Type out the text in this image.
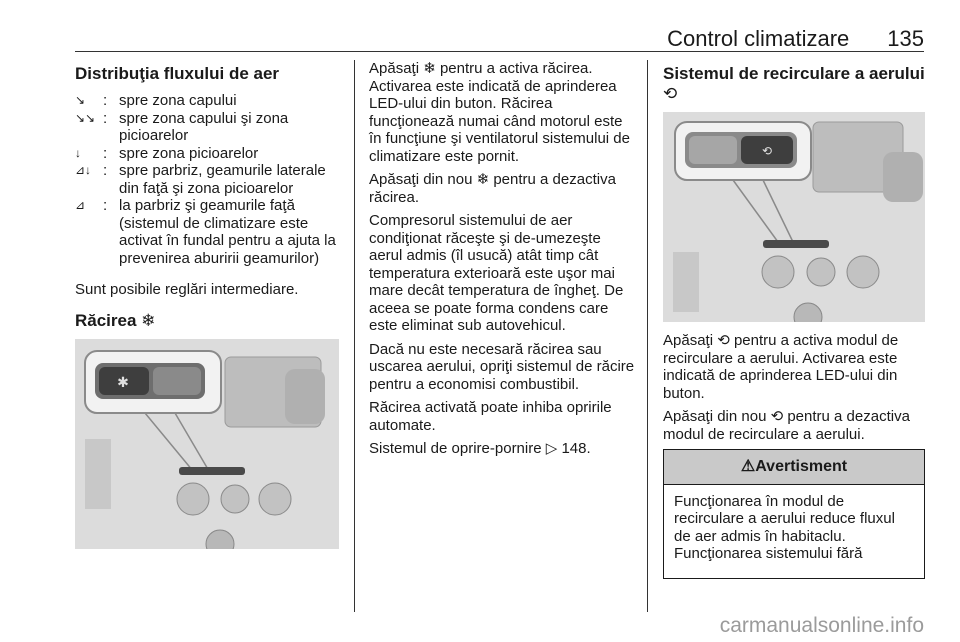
Control climatizare 135
Distribuţia fluxului de aer
↘	: spre zona capului
↘↘ : spre zona capului şi zona picioarelor
↓	: spre zona picioarelor
⊿↓ : spre parbriz, geamurile laterale din faţă şi zona picioarelor
⊿	: la parbriz şi geamurile faţă (sistemul de climatizare este activat în fundal pentru a ajuta la prevenirea aburirii geamurilor)

Sunt posibile reglări intermediare.

Răcirea ❄
✱

Apăsaţi ❄ pentru a activa răcirea. Activarea este indicată de aprinderea LED-ului din buton. Răcirea funcţionează numai când motorul este în funcţiune şi ventilatorul sistemului de climatizare este pornit.

Apăsaţi din nou ❄ pentru a dezactiva răcirea.

Compresorul sistemului de aer condiţionat răceşte şi de-umezeşte aerul admis (îl usucă) atât timp cât temperatura exterioară este uşor mai mare decât temperatura de îngheţ. De aceea se poate forma condens care este eliminat sub autovehicul.

Dacă nu este necesară răcirea sau uscarea aerului, opriţi sistemul de răcire pentru a economisi combustibil.

Răcirea activată poate inhiba opririle automate.

Sistemul de oprire-pornire ▷ 148.

Sistemul de recirculare a aerului ⟲
⟲

Apăsaţi ⟲ pentru a activa modul de recirculare a aerului. Activarea este indicată de aprinderea LED-ului din buton.

Apăsaţi din nou ⟲ pentru a dezactiva modul de recirculare a aerului.

⚠Avertisment
Funcţionarea în modul de recirculare a aerului reduce fluxul de aer admis în habitaclu. Funcţionarea sistemului fără
carmanualsonline.info
